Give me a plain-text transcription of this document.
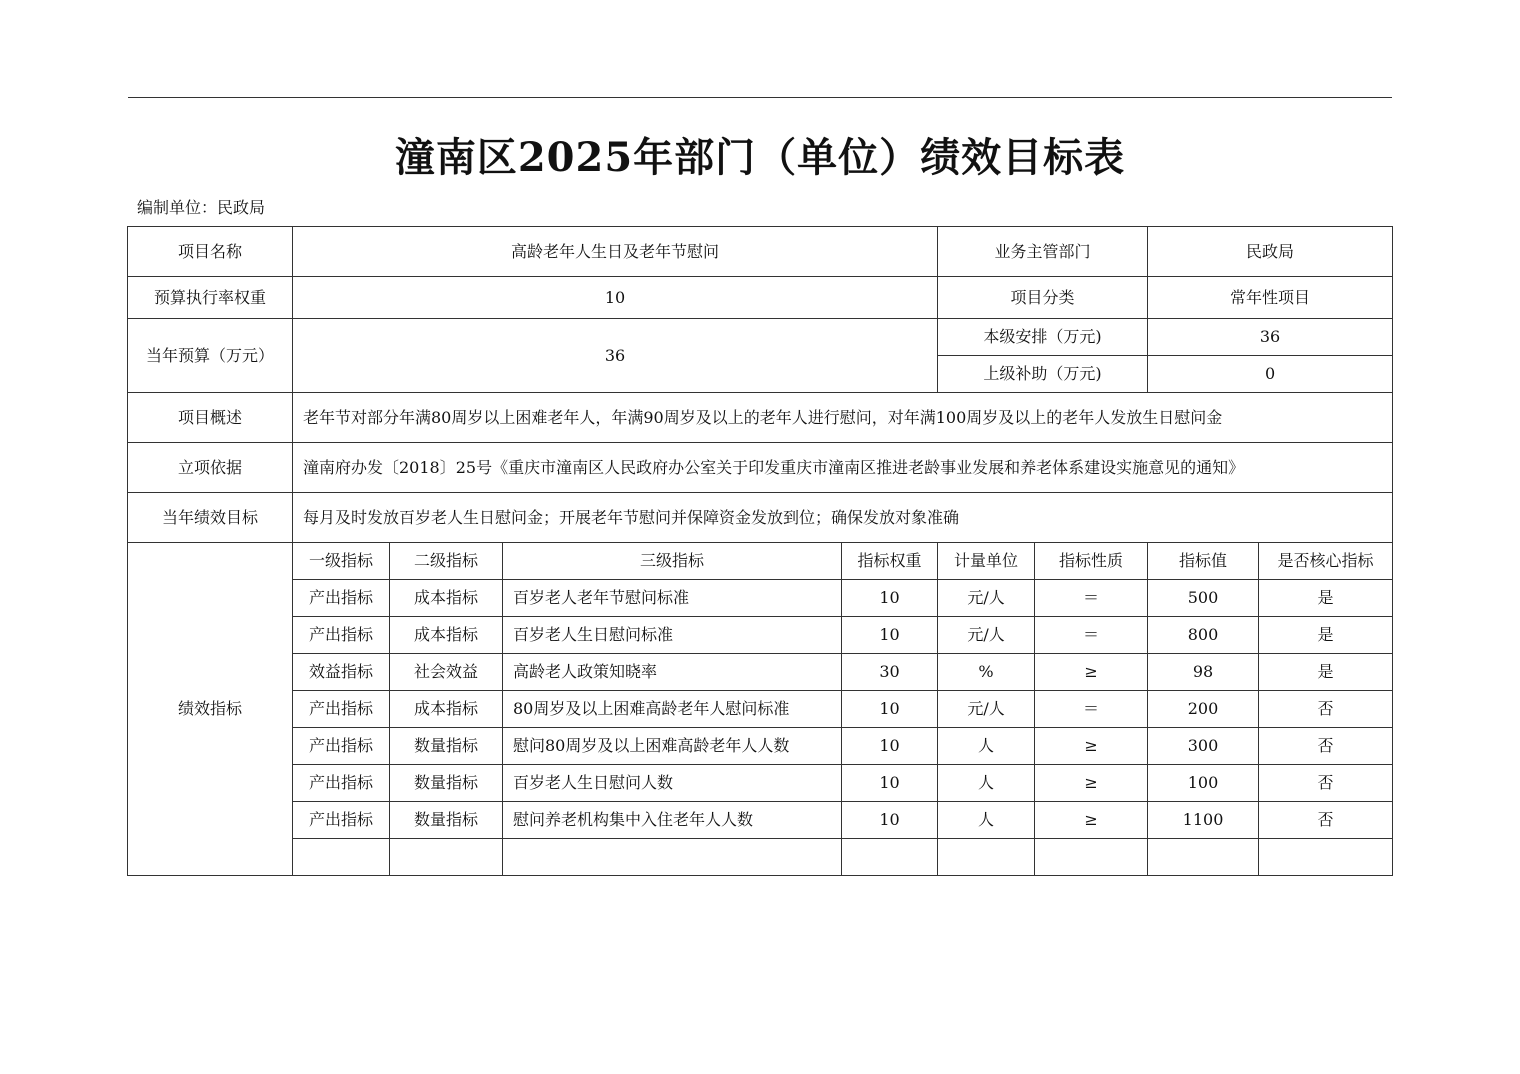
潼南区2025年部门（单位）绩效目标表
编制单位：民政局
项目名称	高龄老年人生日及老年节慰问				业务主管部门		民政局	
预算执行率权重	10				项目分类		常年性项目	
当年预算（万元）	36				本级安排（万元)		36	
					上级补助（万元)		0	
项目概述	老年节对部分年满80周岁以上困难老年人，年满90周岁及以上的老年人进行慰问，对年满100周岁及以上的老年人发放生日慰问金							
立项依据	潼南府办发〔2018〕25号《重庆市潼南区人民政府办公室关于印发重庆市潼南区推进老龄事业发展和养老体系建设实施意见的通知》							
当年绩效目标	每月及时发放百岁老人生日慰问金；开展老年节慰问并保障资金发放到位；确保发放对象准确							
绩效指标	一级指标	二级指标	三级指标	指标权重	计量单位	指标性质	指标值	是否核心指标
	产出指标	成本指标	百岁老人老年节慰问标准	10	元/人	＝	500	是
	产出指标	成本指标	百岁老人生日慰问标准	10	元/人	＝	800	是
	效益指标	社会效益	高龄老人政策知晓率	30	%	≥	98	是
	产出指标	成本指标	80周岁及以上困难高龄老年人慰问标准	10	元/人	＝	200	否
	产出指标	数量指标	慰问80周岁及以上困难高龄老年人人数	10	人	≥	300	否
	产出指标	数量指标	百岁老人生日慰问人数	10	人	≥	100	否
	产出指标	数量指标	慰问养老机构集中入住老年人人数	10	人	≥	1100	否
